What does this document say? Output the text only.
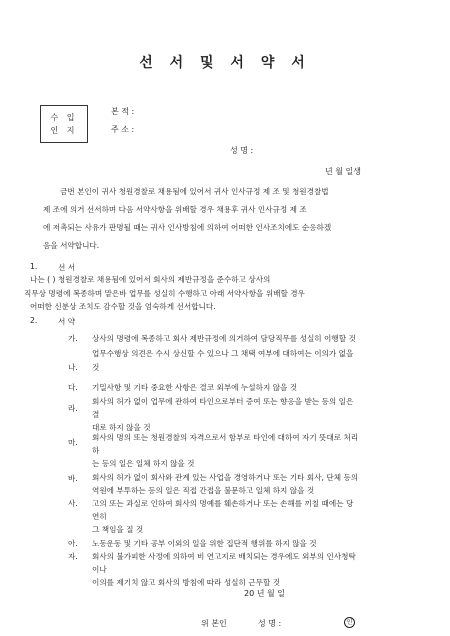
선 서 및 서 약 서
수 입
인 지
본 적 :
주 소 :
성 명 :
년 월 일생
금번 본인이 귀사 청원경찰로 채용됨에 있어서 귀사 인사규정 제 조 및 청원경찰법
제 조에 의거 선서하며 다음 서약사항을 위배할 경우 채용후 귀사 인사규정 제 조
에 저촉되는 사유가 판명될 때는 귀사 인사방침에 의하여 어떠한 인사조치에도 순응하겠
음을 서약합니다.
1.	선 서
나는 ( ) 청원경찰로 채용됨에 있어서 회사의 제반규정을 준수하고 상사의
직무상 명령에 복종하며 맡은바 업무를 성실히 수행하고 아래 서약사항을 위배할 경우
어떠한 신분상 조치도 감수할 것을 엄숙하게 선서합니다.
2.	서 약
가. 상사의 명령에 복종하고 회사 제반규정에 의거하여 담당직무를 성실히 이행할 것
나.
업무수행상 의견은 수시 상신할 수 있으나 그 채택 여부에 대하여는 이의가 없을
것
다. 기밀사항 및 기타 중요한 사항은 결코 외부에 누설하지 않을 것
라.
회사의 허가 없이 업무에 관하여 타인으로부터 증여 또는 향응을 받는 등의 일은
결
대로 하지 않을 것
마.
회사의 명의 또는 청원경찰의 자격으로서 함부로 타인에 대하여 자기 뜻대로 처리
하
는 등의 일은 일체 하지 않을 것
바. 회사의 허가 없이 회사와 관계 있는 사업을 경영하거나 또는 기타 회사, 단체 등의
역원에 부투하는 등의 일은 직접 간접을 불문하고 일체 하지 않을 것
사. 고의 또는 과실로 인하여 회사의 명예를 훼손하거나 또는 손해를 끼칠 때에는 당
연히
그 책임을 질 것
아. 노동운동 및 기타 공부 이외의 일을 위한 집단적 행위를 하지 않을 것
자. 회사의 불가피한 사정에 의하여 비 연고지로 배치되는 경우에도 외부의 인사청탁
이나
이의를 제기치 않고 회사의 방침에 따라 성실히 근무할 것
20 년 월 일
위 본인	성 명 :	인
